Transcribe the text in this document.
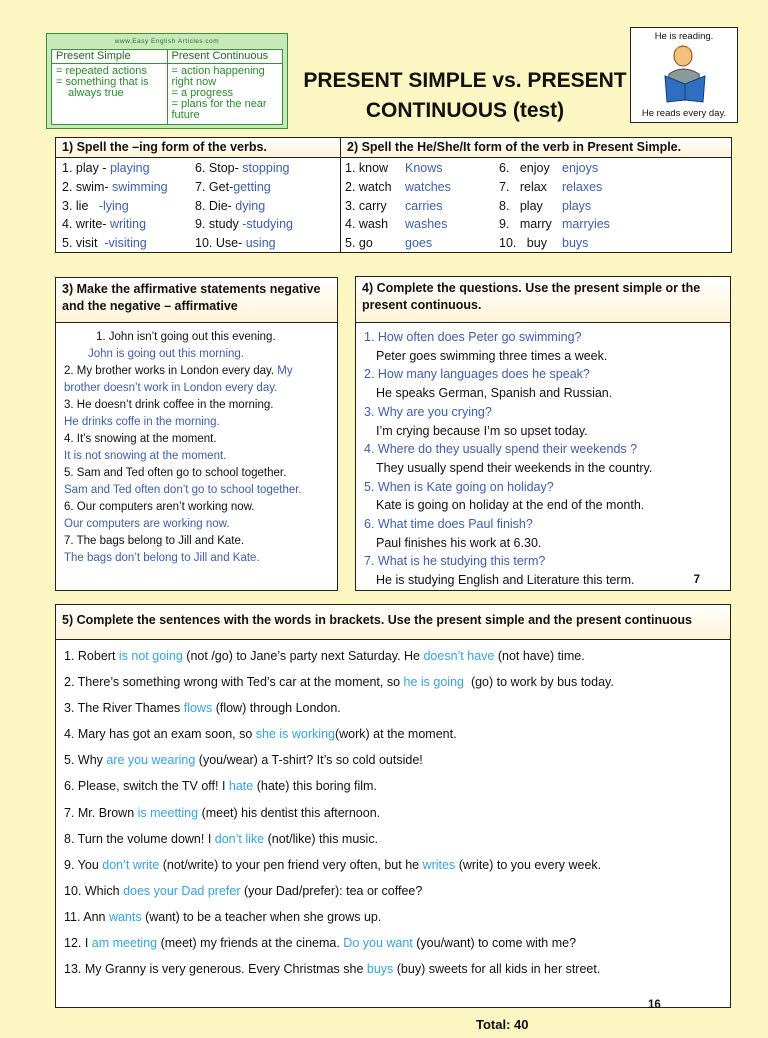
www.Easy English Articles.com
Present Simple
= repeated actions
= something that is
always true
Present Continuous
= action happening
right now
= a progress
= plans for the near
future
PRESENT SIMPLE vs. PRESENT
CONTINUOUS (test)
He is reading.
He reads every day.
1) Spell the –ing form of the verbs.
1. play - playing
2. swim- swimming
3. lie   -lying
4. write- writing
5. visit  -visiting
6. Stop- stopping
7. Get-getting
8. Die- dying
9. study -studying
10. Use- using
2) Spell the He/She/It form of the verb in Present Simple.
1. know Knows
2. watch watches
3. carry carries
4. wash washes
5. go	goes
6.   enjoy enjoys
7.   relax relaxes
8.   play plays
9.   marry marryies
10.   buy buys
3) Make the affirmative statements negative and the negative – affirmative
1. John isn’t going out this evening.
John is going out this morning.
2. My brother works in London every day. My brother doesn’t work in London every day.
3. He doesn’t drink coffee in the morning.
He drinks coffe in the morning.
4. It’s snowing at the moment.
It is not snowing at the moment.
5. Sam and Ted often go to school together.
Sam and Ted often don’t go to school together.
6. Our computers aren’t working now.
Our computers are working now.
7. The bags belong to Jill and Kate.
The bags don’t belong to Jill and Kate.
4) Complete the questions. Use the present simple or the present continuous.
1. How often does Peter go swimming?
Peter goes swimming three times a week.
2. How many languages does he speak?
He speaks German, Spanish and Russian.
3. Why are you crying?
I’m crying because I’m so upset today.
4. Where do they usually spend their weekends ?
They usually spend their weekends in the country.
5. When is Kate going on holiday?
Kate is going on holiday at the end of the month.
6. What time does Paul finish?
Paul finishes his work at 6.30.
7. What is he studying this term?
He is studying English and Literature this term.	7
5) Complete the sentences with the words in brackets. Use the present simple and the present continuous
1. Robert is not going (not /go) to Jane’s party next Saturday. He doesn’t have (not have) time.
2. There’s something wrong with Ted’s car at the moment, so he is going  (go) to work by bus today.
3. The River Thames flows (flow) through London.
4. Mary has got an exam soon, so she is working(work) at the moment.
5. Why are you wearing (you/wear) a T-shirt? It’s so cold outside!
6. Please, switch the TV off! I hate (hate) this boring film.
7. Mr. Brown is meetting (meet) his dentist this afternoon.
8. Turn the volume down! I don’t like (not/like) this music.
9. You don’t write (not/write) to your pen friend very often, but he writes (write) to you every week.
10. Which does your Dad prefer (your Dad/prefer): tea or coffee?
11. Ann wants (want) to be a teacher when she grows up.
12. I am meeting (meet) my friends at the cinema. Do you want (you/want) to come with me?
13. My Granny is very generous. Every Christmas she buys (buy) sweets for all kids in her street.
16
Total: 40
